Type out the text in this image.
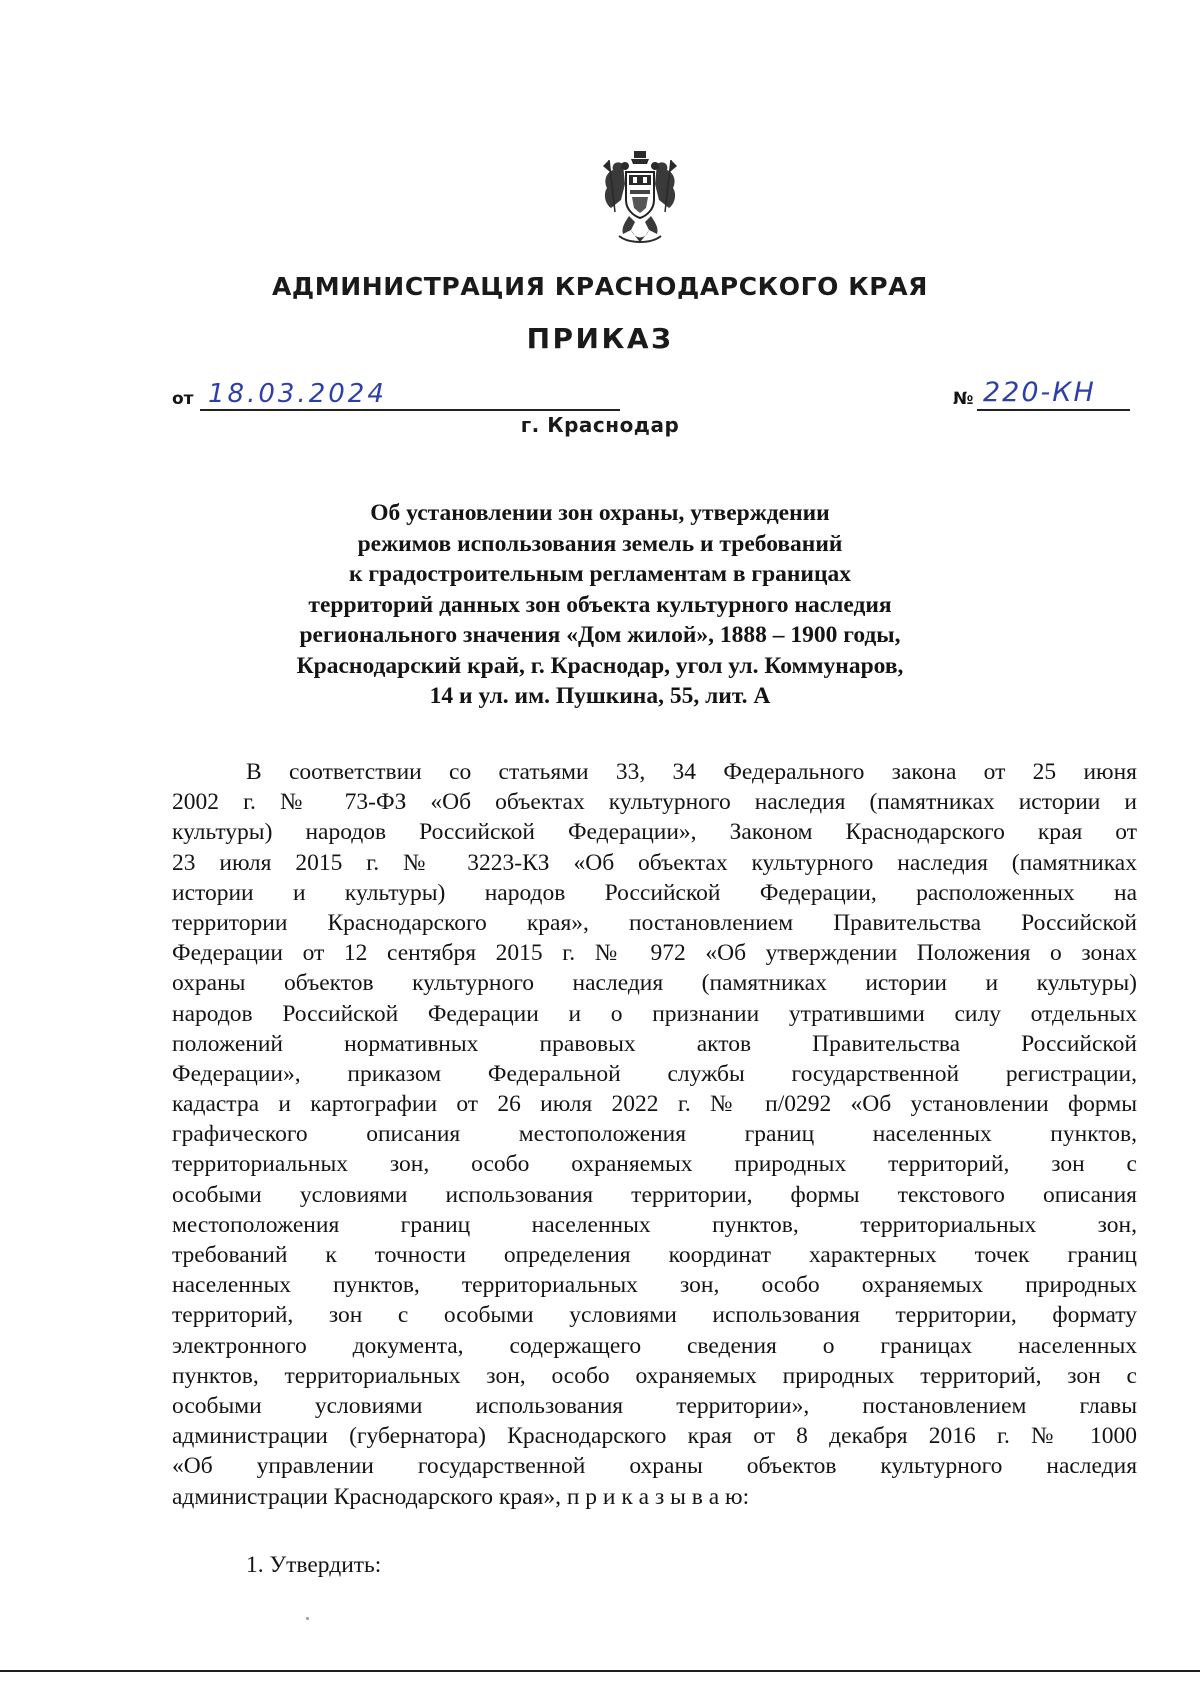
АДМИНИСТРАЦИЯ КРАСНОДАРСКОГО КРАЯ
ПРИКАЗ
от 18.03.2024	№ 220-КН
г. Краснодар
Об установлении зон охраны, утверждении
режимов использования земель и требований
к градостроительным регламентам в границах
территорий данных зон объекта культурного наследия
регионального значения «Дом жилой», 1888 – 1900 годы,
Краснодарский край, г. Краснодар, угол ул. Коммунаров,
14 и ул. им. Пушкина, 55, лит. А
В соответствии со статьями 33, 34 Федерального закона от 25 июня
2002 г. № 73-ФЗ «Об объектах культурного наследия (памятниках истории и
культуры) народов Российской Федерации», Законом Краснодарского края от
23 июля 2015 г. № 3223-КЗ «Об объектах культурного наследия (памятниках
истории и культуры) народов Российской Федерации, расположенных на
территории Краснодарского края», постановлением Правительства Российской
Федерации от 12 сентября 2015 г. № 972 «Об утверждении Положения о зонах
охраны объектов культурного наследия (памятниках истории и культуры)
народов Российской Федерации и о признании утратившими силу отдельных
положений нормативных правовых актов Правительства Российской
Федерации», приказом Федеральной службы государственной регистрации,
кадастра и картографии от 26 июля 2022 г. № п/0292 «Об установлении формы
графического описания местоположения границ населенных пунктов,
территориальных зон, особо охраняемых природных территорий, зон с
особыми условиями использования территории, формы текстового описания
местоположения границ населенных пунктов, территориальных зон,
требований к точности определения координат характерных точек границ
населенных пунктов, территориальных зон, особо охраняемых природных
территорий, зон с особыми условиями использования территории, формату
электронного документа, содержащего сведения о границах населенных
пунктов, территориальных зон, особо охраняемых природных территорий, зон с
особыми условиями использования территории», постановлением главы
администрации (губернатора) Краснодарского края от 8 декабря 2016 г. № 1000
«Об управлении государственной охраны объектов культурного наследия
администрации Краснодарского края», п р и к а з ы в а ю:
1. Утвердить:
